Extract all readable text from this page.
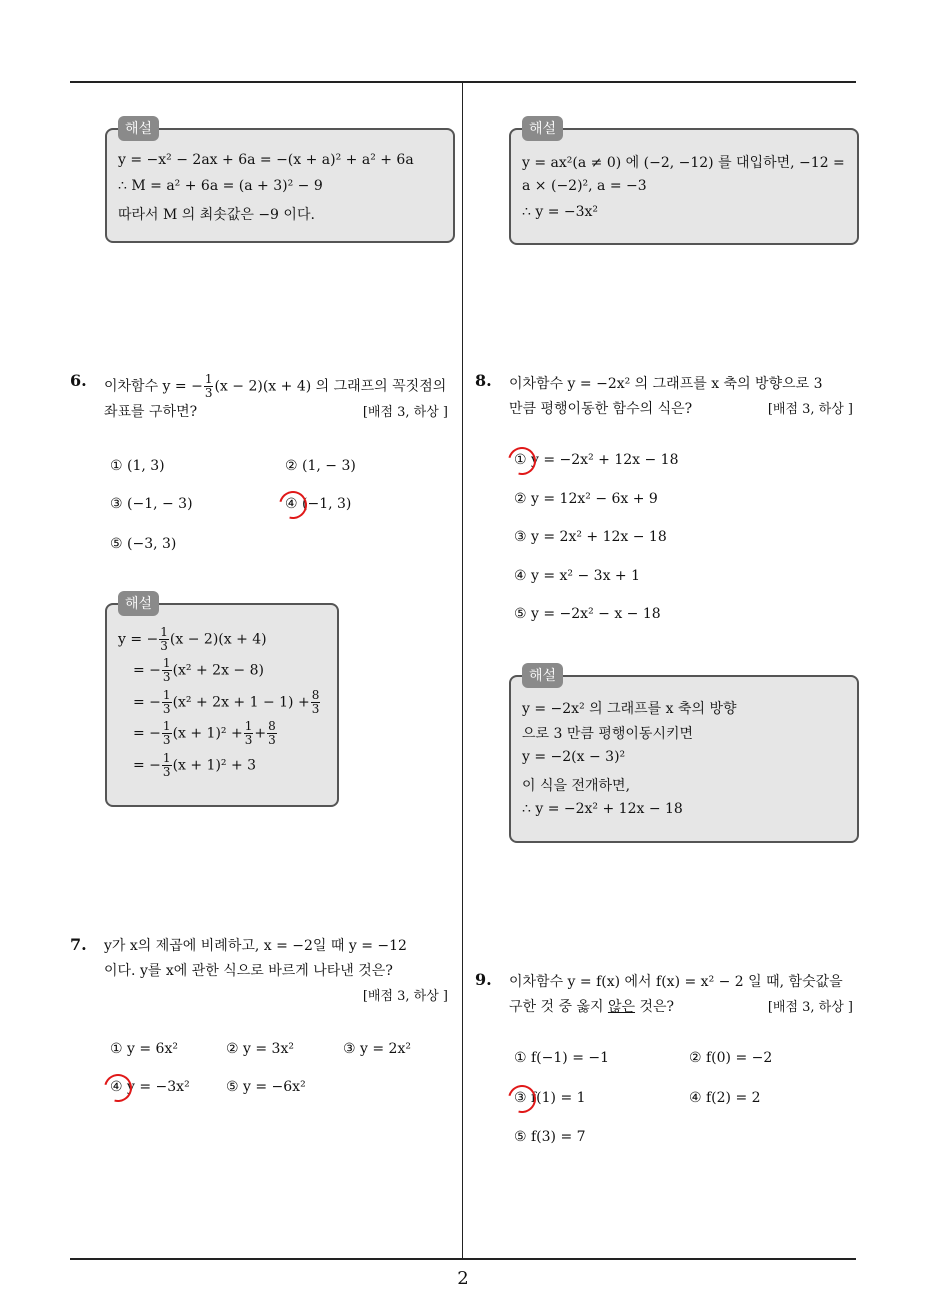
해설
y = −x² − 2ax + 6a = −(x + a)² + a² + 6a
∴ M = a² + 6a = (a + 3)² − 9
따라서 M 의 최솟값은 −9 이다.
6. 이차함수 y = − $\frac{1}{3} (x - 2)(x + 4)$ 의 그래프의 꼭짓점의
좌표를 구하면?	[배점 3, 하상 ]
① (1, 3)	② (1, − 3)
③ (−1, − 3)	④ (−1, 3)
⑤ (−3, 3)
해설
y = − $\frac{1}{3} (x - 2)(x + 4)$
= − $\frac{1}{3} (x^2 + 2x - 8)$
= − $\frac{1}{3} (x^2 + 2x + 1 - 1) + \frac{8}{3}$
= − $\frac{1}{3} (x + 1)^2 + \frac{1}{3} + \frac{8}{3}$
= − $\frac{1}{3} (x + 1)^2 + 3$
7. y가 x의 제곱에 비례하고, x = −2일 때 y = −12
이다. y를 x에 관한 식으로 바르게 나타낸 것은?
[배점 3, 하상 ]
① y = 6x²	② y = 3x²	③ y = 2x²
④ y = −3x²	⑤ y = −6x²
해설
y = ax²(a ≠ 0) 에 (−2, −12) 를 대입하면, −12 =
a × (−2)², a = −3
∴ y = −3x²
8. 이차함수 y = −2x² 의 그래프를 x 축의 방향으로 3
만큼 평행이동한 함수의 식은?	[배점 3, 하상 ]
① y = −2x² + 12x − 18
② y = 12x² − 6x + 9
③ y = 2x² + 12x − 18
④ y = x² − 3x + 1
⑤ y = −2x² − x − 18
해설
y = −2x² 의 그래프를 x 축의 방향
으로 3 만큼 평행이동시키면
y = −2(x − 3)²
이 식을 전개하면,
∴ y = −2x² + 12x − 18
9. 이차함수 y = f(x) 에서 f(x) = x² − 2 일 때, 함숫값을
구한 것 중 옳지 않은 것은?	[배점 3, 하상 ]
① f(−1) = −1	② f(0) = −2
③ f(1) = 1	④ f(2) = 2
⑤ f(3) = 7
2
